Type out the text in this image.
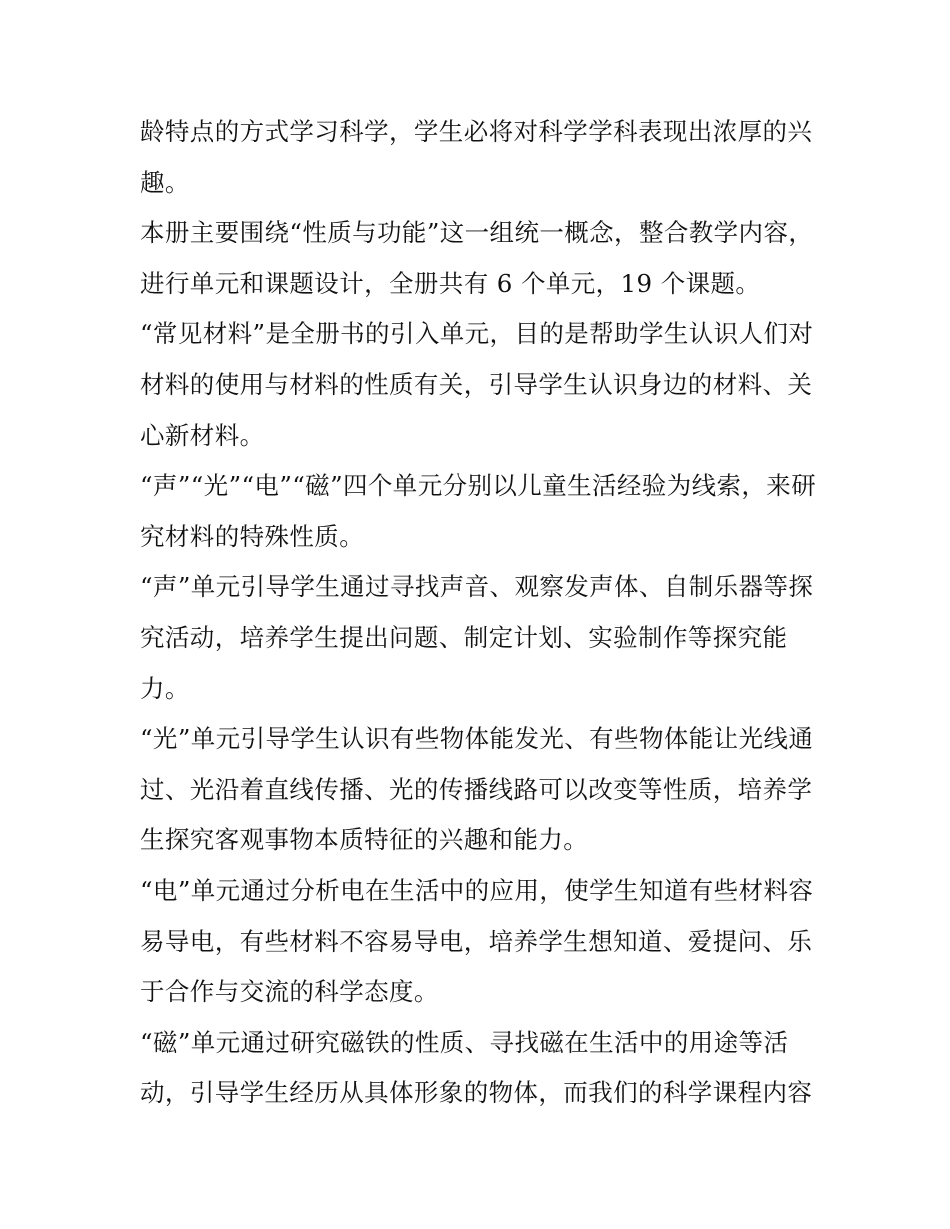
龄特点的方式学习科学，学生必将对科学学科表现出浓厚的兴
趣。
本册主要围绕“性质与功能”这一组统一概念，整合教学内容，
进行单元和课题设计，全册共有 6 个单元，19 个课题。
“常见材料”是全册书的引入单元，目的是帮助学生认识人们对
材料的使用与材料的性质有关，引导学生认识身边的材料、关
心新材料。
“声”“光”“电”“磁”四个单元分别以儿童生活经验为线索，来研
究材料的特殊性质。
“声”单元引导学生通过寻找声音、观察发声体、自制乐器等探
究活动，培养学生提出问题、制定计划、实验制作等探究能
力。
“光”单元引导学生认识有些物体能发光、有些物体能让光线通
过、光沿着直线传播、光的传播线路可以改变等性质，培养学
生探究客观事物本质特征的兴趣和能力。
“电”单元通过分析电在生活中的应用，使学生知道有些材料容
易导电，有些材料不容易导电，培养学生想知道、爱提问、乐
于合作与交流的科学态度。
“磁”单元通过研究磁铁的性质、寻找磁在生活中的用途等活
动，引导学生经历从具体形象的物体，而我们的科学课程内容
